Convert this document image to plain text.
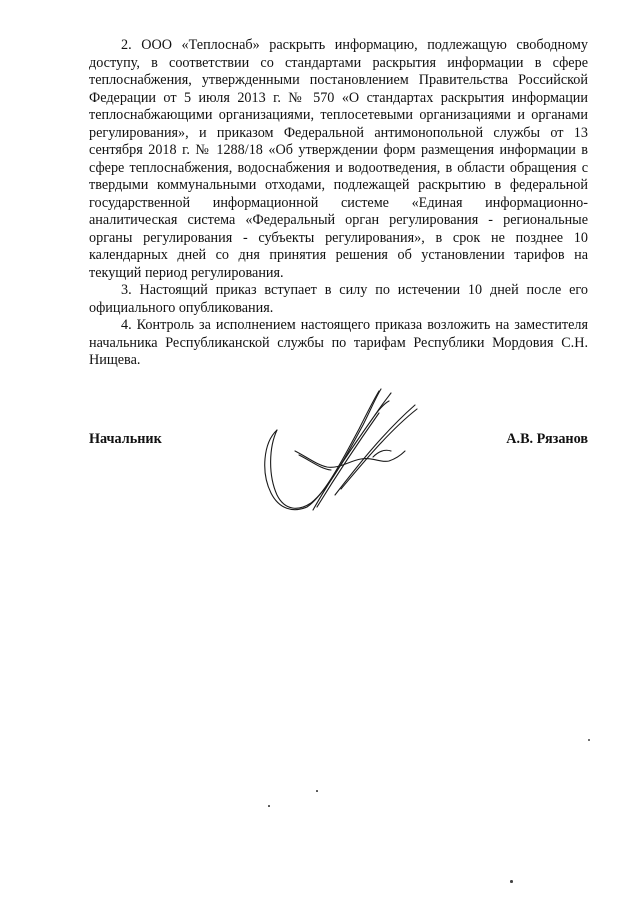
2. ООО «Теплоснаб» раскрыть информацию, подлежащую свободному доступу, в соответствии со стандартами раскрытия информации в сфере теплоснабжения, утвержденными постановлением Правительства Российской Федерации от 5 июля 2013 г. № 570 «О стандартах раскрытия информации теплоснабжающими организациями, теплосетевыми организациями и органами регулирования», и приказом Федеральной антимонопольной службы от 13 сентября 2018 г. № 1288/18 «Об утверждении форм размещения информации в сфере теплоснабжения, водоснабжения и водоотведения, в области обращения с твердыми коммунальными отходами, подлежащей раскрытию в федеральной государственной информационной системе «Единая информационно-аналитическая система «Федеральный орган регулирования - региональные органы регулирования - субъекты регулирования», в срок не позднее 10 календарных дней со дня принятия решения об установлении тарифов на текущий период регулирования.

3. Настоящий приказ вступает в силу по истечении 10 дней после его официального опубликования.

4. Контроль за исполнением настоящего приказа возложить на заместителя начальника Республиканской службы по тарифам Республики Мордовия С.Н. Нищева.

Начальник	А.В. Рязанов
